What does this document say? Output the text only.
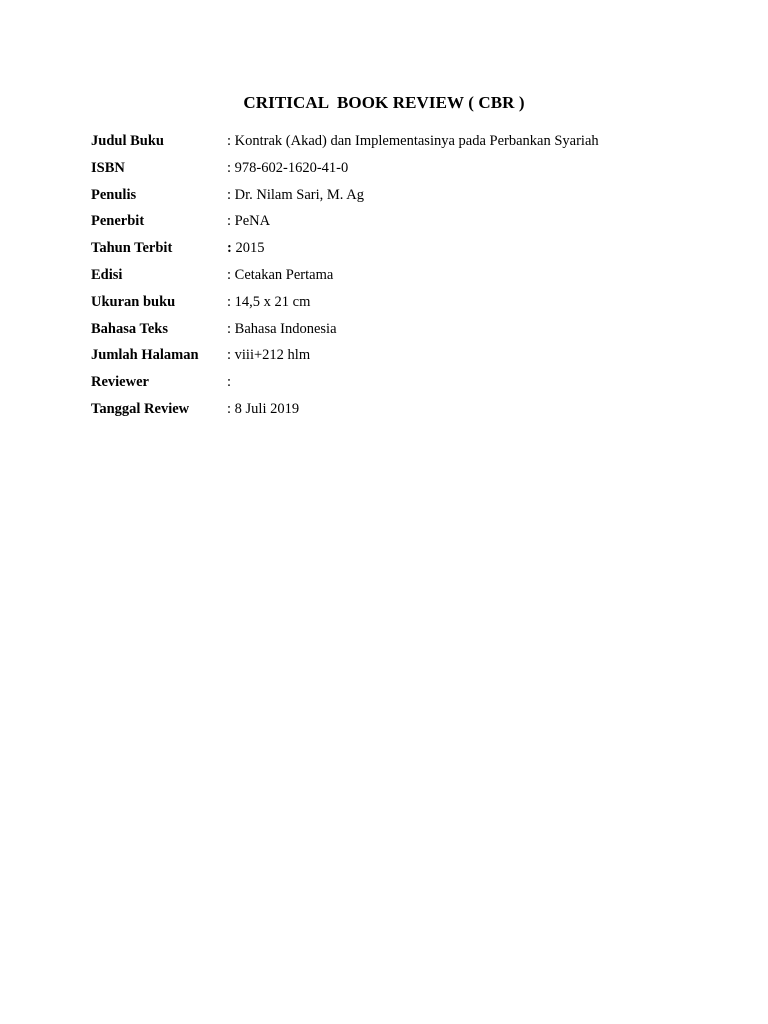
CRITICAL  BOOK REVIEW ( CBR )
Judul Buku	: Kontrak (Akad) dan Implementasinya pada Perbankan Syariah
ISBN	: 978-602-1620-41-0
Penulis	: Dr. Nilam Sari, M. Ag
Penerbit	: PeNA
Tahun Terbit	: 2015
Edisi	: Cetakan Pertama
Ukuran buku	: 14,5 x 21 cm
Bahasa Teks	: Bahasa Indonesia
Jumlah Halaman : viii+212 hlm
Reviewer	:
Tanggal Review	: 8 Juli 2019
